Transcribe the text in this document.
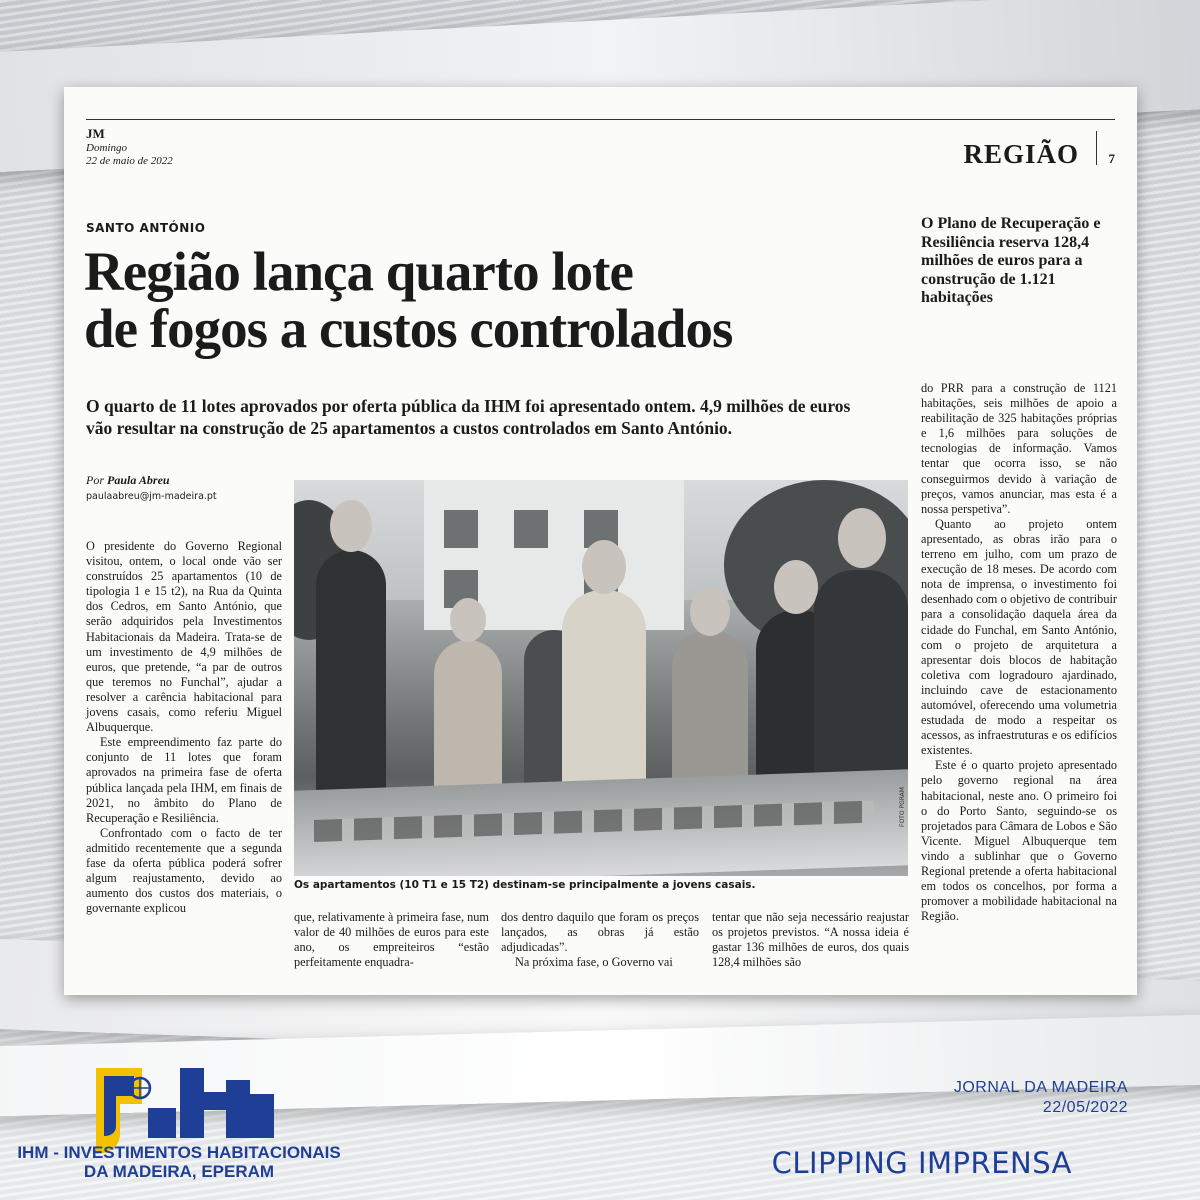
JM
Domingo
22 de maio de 2022	REGIÃO 7
SANTO ANTÓNIO
Região lança quarto lote
de fogos a custos controlados
O quarto de 11 lotes aprovados por oferta pública da IHM foi apresentado ontem. 4,9 milhões de euros
vão resultar na construção de 25 apartamentos a custos controlados em Santo António.
Por Paula Abreu
paulaabreu@jm-madeira.pt

O presidente do Governo Regional visitou, ontem, o local onde vão ser construídos 25 apartamentos (10 de tipologia 1 e 15 t2), na Rua da Quinta dos Cedros, em Santo António, que serão adquiridos pela Investimentos Habitacionais da Madeira. Trata-se de um investimento de 4,9 milhões de euros, que pretende, “a par de outros que teremos no Funchal”, ajudar a resolver a carência habitacional para jovens casais, como referiu Miguel Albuquerque.

Este empreendimento faz parte do conjunto de 11 lotes que foram aprovados na primeira fase de oferta pública lançada pela IHM, em finais de 2021, no âmbito do Plano de Recuperação e Resiliência.

Confrontado com o facto de ter admitido recentemente que a segunda fase da oferta pública poderá sofrer algum reajustamento, devido ao aumento dos custos dos materiais, o governante explicou

FOTO PGRAM
Os apartamentos (10 T1 e 15 T2) destinam-se principalmente a jovens casais.

que, relativamente à primeira fase, num valor de 40 milhões de euros para este ano, os empreiteiros “estão perfeitamente enquadra-

dos dentro daquilo que foram os preços lançados, as obras já estão adjudicadas”.

Na próxima fase, o Governo vai

tentar que não seja necessário reajustar os projetos previstos. “A nossa ideia é gastar 136 milhões de euros, dos quais 128,4 milhões são

O Plano de Recuperação e Resiliência reserva 128,4 milhões de euros para a construção de 1.121 habitações

do PRR para a construção de 1121 habitações, seis milhões de apoio a reabilitação de 325 habitações próprias e 1,6 milhões para soluções de tecnologias de informação. Vamos tentar que ocorra isso, se não conseguirmos devido à variação de preços, vamos anunciar, mas esta é a nossa perspetiva”.

Quanto ao projeto ontem apresentado, as obras irão para o terreno em julho, com um prazo de execução de 18 meses. De acordo com nota de imprensa, o investimento foi desenhado com o objetivo de contribuir para a consolidação daquela área da cidade do Funchal, em Santo António, com o projeto de arquitetura a apresentar dois blocos de habitação coletiva com logradouro ajardinado, incluindo cave de estacionamento automóvel, oferecendo uma volumetria estudada de modo a respeitar os acessos, as infraestruturas e os edifícios existentes.

Este é o quarto projeto apresentado pelo governo regional na área habitacional, neste ano. O primeiro foi o do Porto Santo, seguindo-se os projetados para Câmara de Lobos e São Vicente. Miguel Albuquerque tem vindo a sublinhar que o Governo Regional pretende a oferta habitacional em todos os concelhos, por forma a promover a mobilidade habitacional na Região.

IHM - INVESTIMENTOS HABITACIONAIS
DA MADEIRA, EPERAM
JORNAL DA MADEIRA
22/05/2022
CLIPPING IMPRENSA
